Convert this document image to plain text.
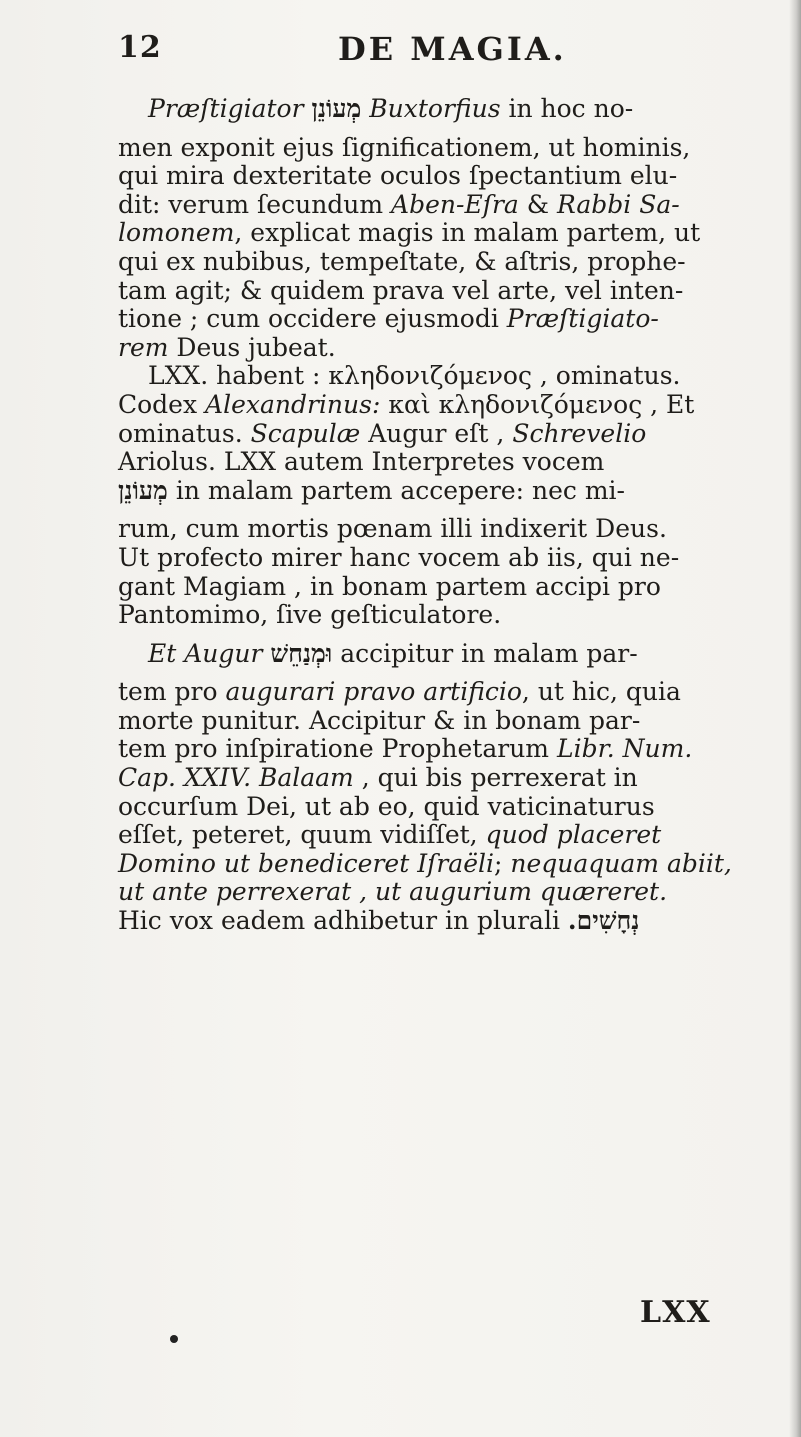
12	DE MAGIA.
Præſtigiator מְעוֹנֵן Buxtorfius in hoc no-
men exponit ejus ſignificationem, ut hominis,
qui mira dexteritate oculos ſpectantium elu-
dit: verum ſecundum Aben-Eſra & Rabbi Sa-
lomonem, explicat magis in malam partem, ut
qui ex nubibus, tempeſtate, & aſtris, prophe-
tam agit; & quidem prava vel arte, vel inten-
tione ; cum occidere ejusmodi Præſtigiato-
rem Deus jubeat.
LXX. habent : κληδονιζόμενος , ominatus.
Codex Alexandrinus: καὶ κληδονιζόμενος , Et
ominatus. Scapulæ Augur eſt , Schrevelio
Ariolus. LXX autem Interpretes vocem
מְעוֹנֵן in malam partem accepere: nec mi-
rum, cum mortis pœnam illi indixerit Deus.
Ut profecto mirer hanc vocem ab iis, qui ne-
gant Magiam , in bonam partem accipi pro
Pantomimo, ſive geſticulatore.
Et Augur וּמְנַחֵשׁ accipitur in malam par-
tem pro augurari pravo artificio, ut hic, quia
morte punitur. Accipitur & in bonam par-
tem pro inſpiratione Prophetarum Libr. Num.
Cap. XXIV. Balaam , qui bis perrexerat in
occurſum Dei, ut ab eo, quid vaticinaturus
eſſet, peteret, quum vidiſſet, quod placeret
Domino ut benediceret Iſraëli; nequaquam abiit,
ut ante perrexerat , ut augurium quæreret.
Hic vox eadem adhibetur in plurali נְחָשִׁים.
LXX
